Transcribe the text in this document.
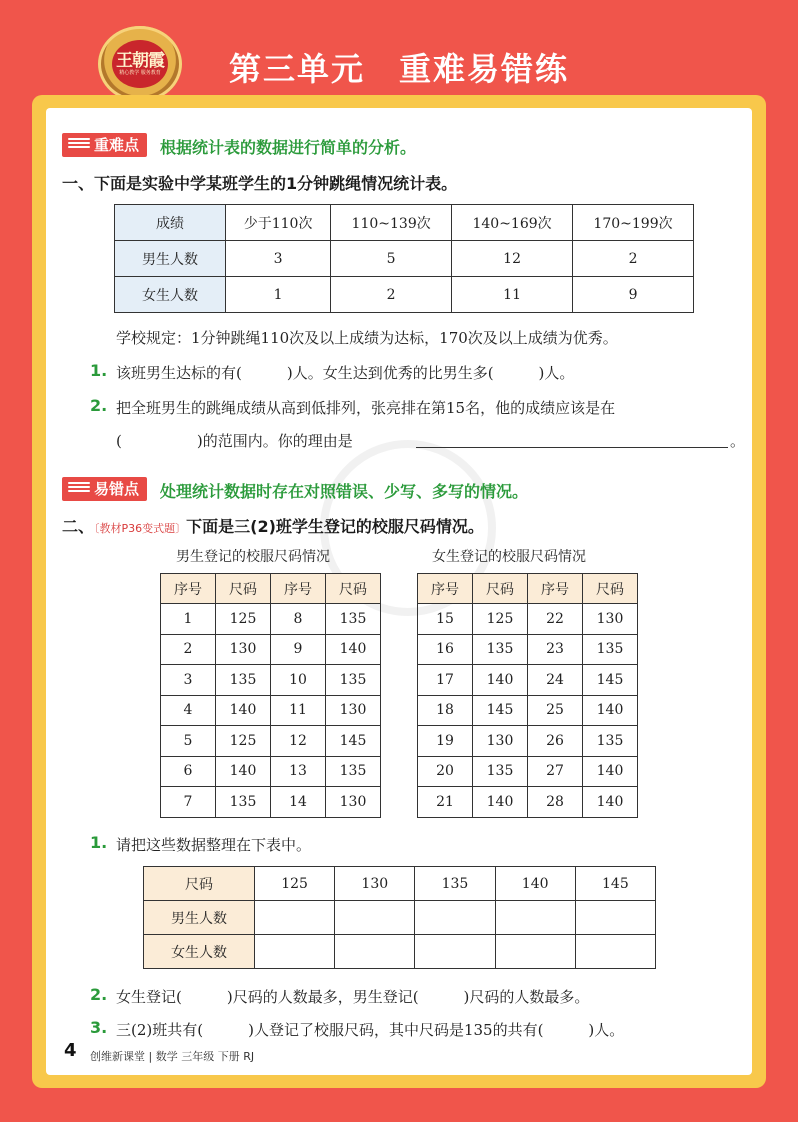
王朝霞
精心教学 服务教育	第三单元　重难易错练
重难点	根据统计表的数据进行简单的分析。
一、下面是实验中学某班学生的1分钟跳绳情况统计表。
成绩	少于110次	110~139次	140~169次	170~199次
男生人数	3	5	12	2
女生人数	1	2	11	9
学校规定：1分钟跳绳110次及以上成绩为达标，170次及以上成绩为优秀。
1. 该班男生达标的有(　　　)人。女生达到优秀的比男生多(　　　)人。
2. 把全班男生的跳绳成绩从高到低排列，张亮排在第15名，他的成绩应该是在
(　　　　　)的范围内。你的理由是	。
易错点	处理统计数据时存在对照错误、少写、多写的情况。
二、〔教材P36变式题〕下面是三(2)班学生登记的校服尺码情况。
男生登记的校服尺码情况	女生登记的校服尺码情况
序号	尺码	序号	尺码
1	125	8	135
2	130	9	140
3	135	10	135
4	140	11	130
5	125	12	145
6	140	13	135
7	135	14	130
序号	尺码	序号	尺码
15	125	22	130
16	135	23	135
17	140	24	145
18	145	25	140
19	130	26	135
20	135	27	140
21	140	28	140
1. 请把这些数据整理在下表中。
尺码	125	130	135	140	145
男生人数					
女生人数					
2. 女生登记(　　　)尺码的人数最多，男生登记(　　　)尺码的人数最多。
3. 三(2)班共有(　　　)人登记了校服尺码，其中尺码是135的共有(　　　)人。
4 创维新课堂 | 数学 三年级 下册 RJ
